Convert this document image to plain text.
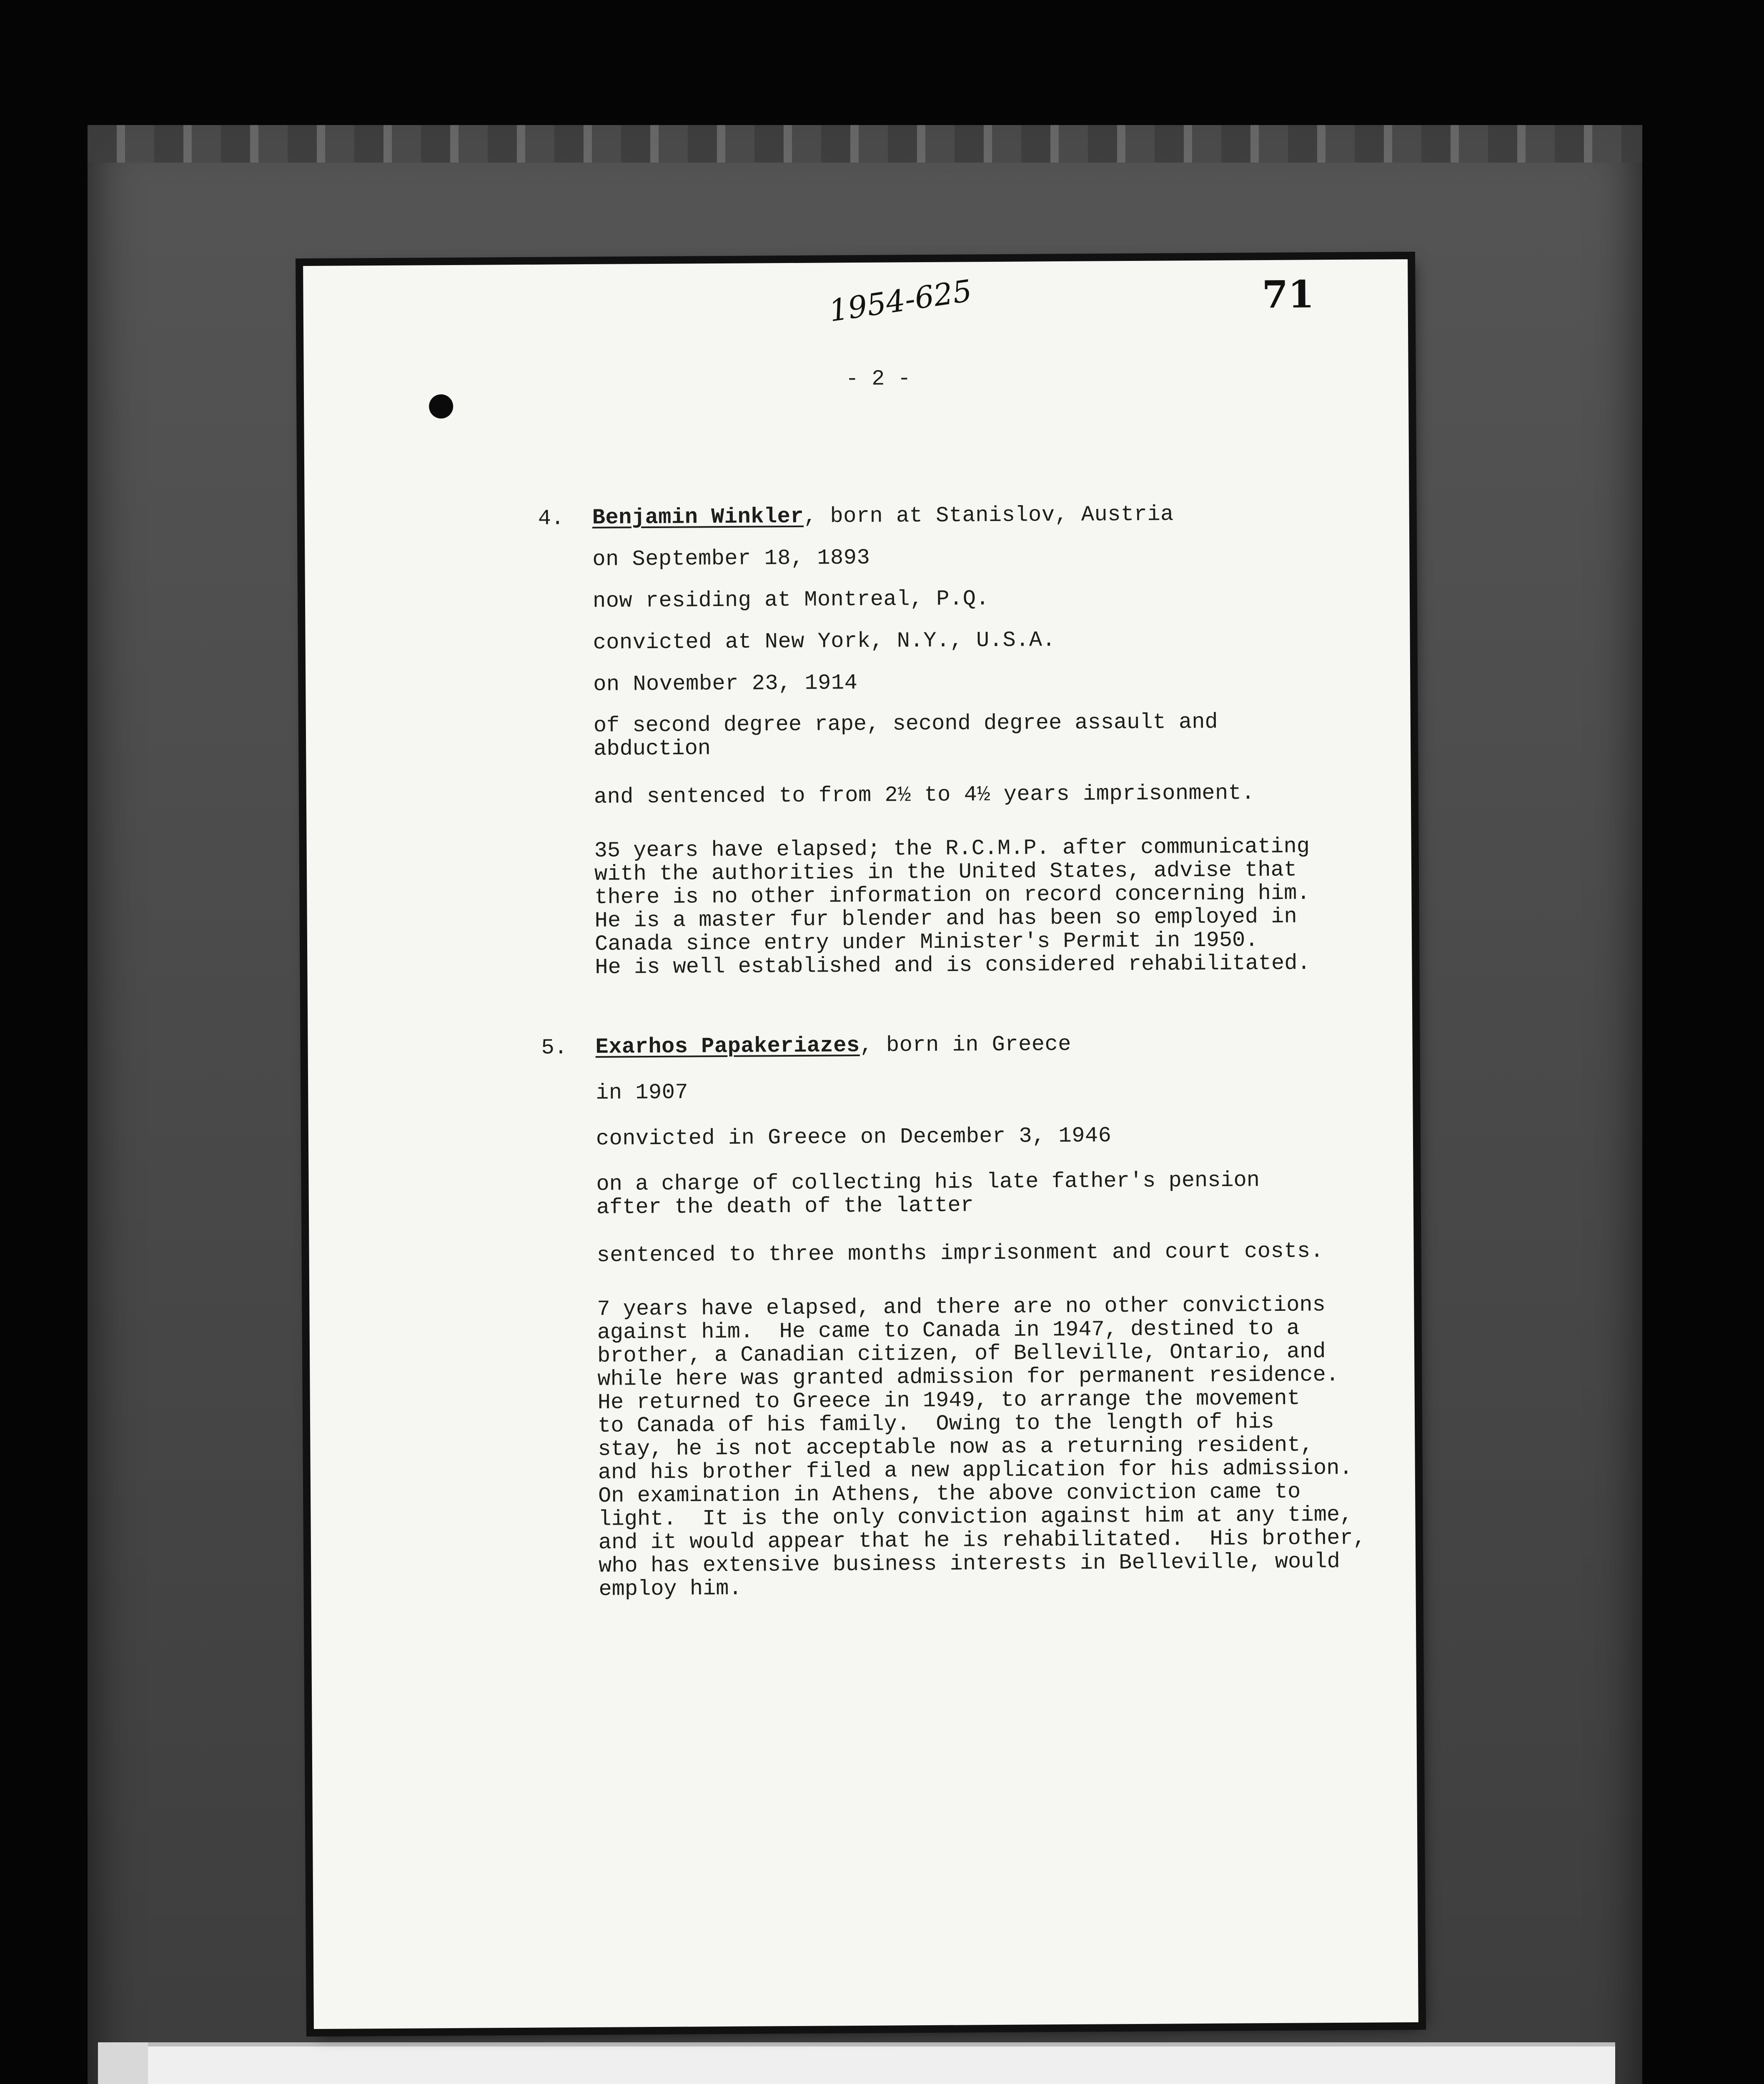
1954-625	71
- 2 -
4. Benjamin Winkler, born at Stanislov, Austria
on September 18, 1893
now residing at Montreal, P.Q.
convicted at New York, N.Y., U.S.A.
on November 23, 1914
of second degree rape, second degree assault and
abduction
and sentenced to from 2½ to 4½ years imprisonment.
35 years have elapsed; the R.C.M.P. after communicating
with the authorities in the United States, advise that
there is no other information on record concerning him.
He is a master fur blender and has been so employed in
Canada since entry under Minister's Permit in 1950.
He is well established and is considered rehabilitated.
5. Exarhos Papakeriazes, born in Greece
in 1907
convicted in Greece on December 3, 1946
on a charge of collecting his late father's pension
after the death of the latter
sentenced to three months imprisonment and court costs.
7 years have elapsed, and there are no other convictions
against him.  He came to Canada in 1947, destined to a
brother, a Canadian citizen, of Belleville, Ontario, and
while here was granted admission for permanent residence.
He returned to Greece in 1949, to arrange the movement
to Canada of his family.  Owing to the length of his
stay, he is not acceptable now as a returning resident,
and his brother filed a new application for his admission.
On examination in Athens, the above conviction came to
light.  It is the only conviction against him at any time,
and it would appear that he is rehabilitated.  His brother,
who has extensive business interests in Belleville, would
employ him.
